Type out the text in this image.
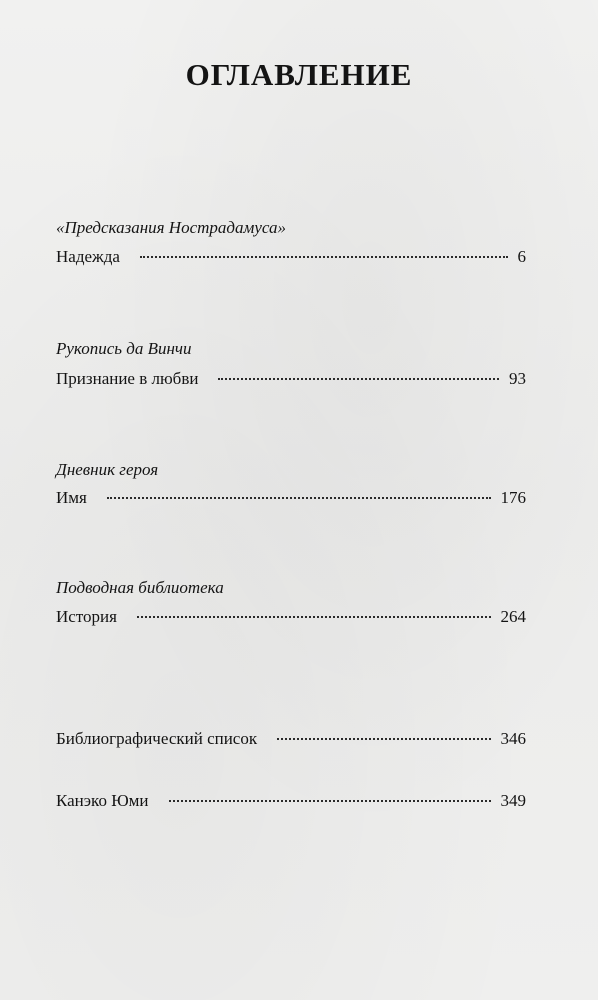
ОГЛАВЛЕНИЕ
«Предсказания Нострадамуса»
Надежда	6
Рукопись да Винчи
Признание в любви	93
Дневник героя
Имя	176
Подводная библиотека
История	264
Библиографический список	346
Канэко Юми	349
